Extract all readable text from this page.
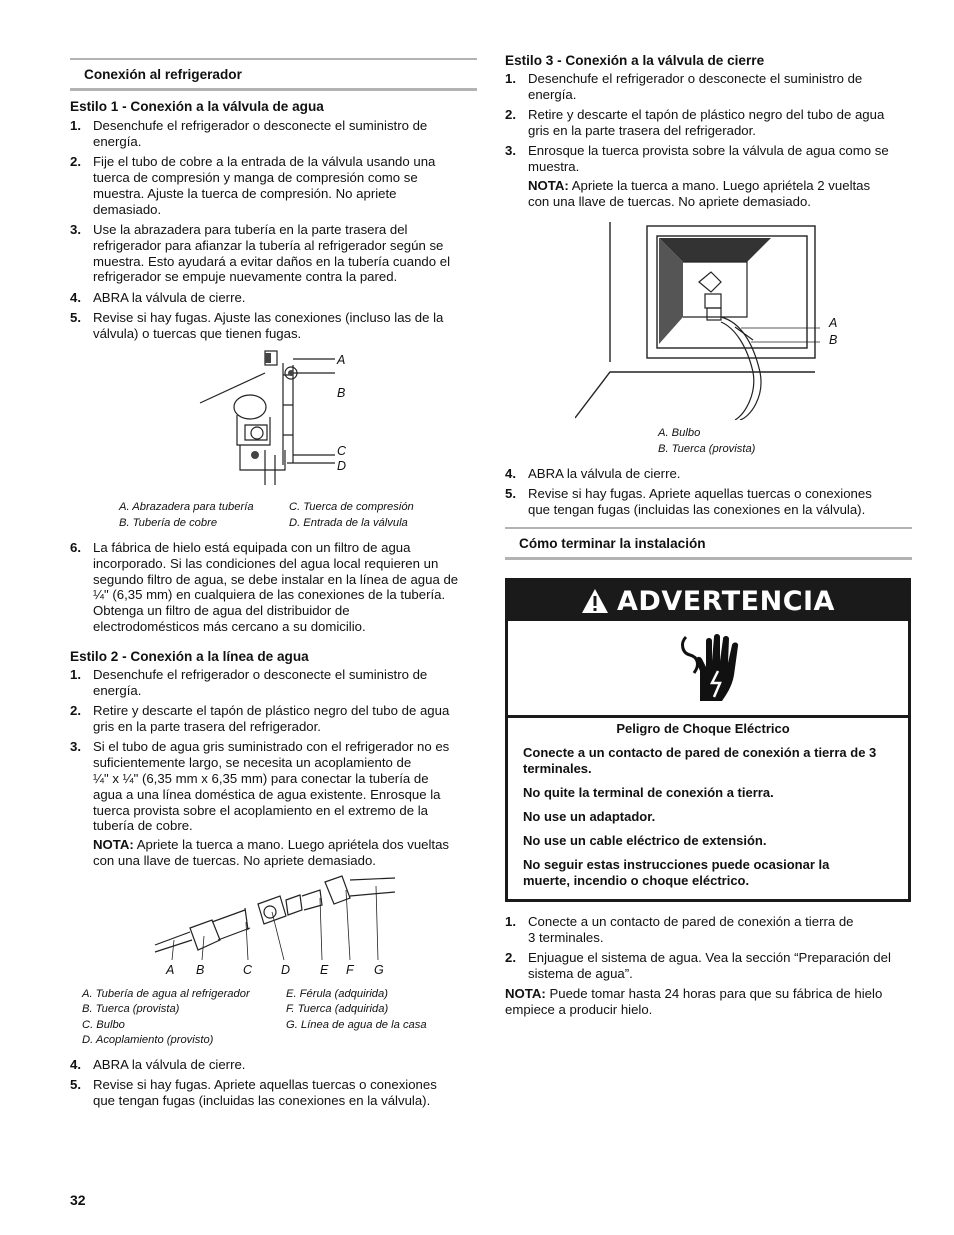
Conexión al refrigerador
Estilo 1 - Conexión a la válvula de agua
1. Desenchufe el refrigerador o desconecte el suministro de
energía.
2. Fije el tubo de cobre a la entrada de la válvula usando una
tuerca de compresión y manga de compresión como se
muestra. Ajuste la tuerca de compresión. No apriete
demasiado.
3. Use la abrazadera para tubería en la parte trasera del
refrigerador para afianzar la tubería al refrigerador según se
muestra. Esto ayudará a evitar daños en la tubería cuando el
refrigerador se empuje nuevamente contra la pared.
4. ABRA la válvula de cierre.
5. Revise si hay fugas. Ajuste las conexiones (incluso las de la
válvula) o tuercas que tienen fugas.
A
B
C
D
A. Abrazadera para tubería
B. Tubería de cobre
C. Tuerca de compresión
D. Entrada de la válvula
6. La fábrica de hielo está equipada con un filtro de agua
incorporado. Si las condiciones del agua local requieren un
segundo filtro de agua, se debe instalar en la línea de agua de
¼" (6,35 mm) en cualquiera de las conexiones de la tubería.
Obtenga un filtro de agua del distribuidor de
electrodomésticos más cercano a su domicilio.
Estilo 2 - Conexión a la línea de agua
1. Desenchufe el refrigerador o desconecte el suministro de
energía.
2. Retire y descarte el tapón de plástico negro del tubo de agua
gris en la parte trasera del refrigerador.
3. Si el tubo de agua gris suministrado con el refrigerador no es
suficientemente largo, se necesita un acoplamiento de
¼" x ¼" (6,35 mm x 6,35 mm) para conectar la tubería de
agua a una línea doméstica de agua existente. Enrosque la
tuerca provista sobre el acoplamiento en el extremo de la
tubería de cobre.
NOTA: Apriete la tuerca a mano. Luego apriételа dos vueltas
con una llave de tuercas. No apriete demasiado.
A B	C D E F G
A. Tubería de agua al refrigerador
B. Tuerca (provista)
C. Bulbo
D. Acoplamiento (provisto)
E. Férula (adquirida)
F. Tuerca (adquirida)
G. Línea de agua de la casa
4. ABRA la válvula de cierre.
5. Revise si hay fugas. Apriete aquellas tuercas o conexiones
que tengan fugas (incluidas las conexiones en la válvula).
Estilo 3 - Conexión a la válvula de cierre
1. Desenchufe el refrigerador o desconecte el suministro de
energía.
2. Retire y descarte el tapón de plástico negro del tubo de agua
gris en la parte trasera del refrigerador.
3. Enrosque la tuerca provista sobre la válvula de agua como se
muestra.
NOTA: Apriete la tuerca a mano. Luego apriételа 2 vueltas
con una llave de tuercas. No apriete demasiado.
A
B
A. Bulbo
B. Tuerca (provista)
4. ABRA la válvula de cierre.
5. Revise si hay fugas. Apriete aquellas tuercas o conexiones
que tengan fugas (incluidas las conexiones en la válvula).
Cómo terminar la instalación
ADVERTENCIA

Peligro de Choque Eléctrico

Conecte a un contacto de pared de conexión a tierra de 3 terminales.

No quite la terminal de conexión a tierra.

No use un adaptador.

No use un cable eléctrico de extensión.

No seguir estas instrucciones puede ocasionar la muerte, incendio o choque eléctrico.

1. Conecte a un contacto de pared de conexión a tierra de
3 terminales.
2. Enjuague el sistema de agua. Vea la sección “Preparación del
sistema de agua”.
NOTA: Puede tomar hasta 24 horas para que su fábrica de hielo
empiece a producir hielo.
32
